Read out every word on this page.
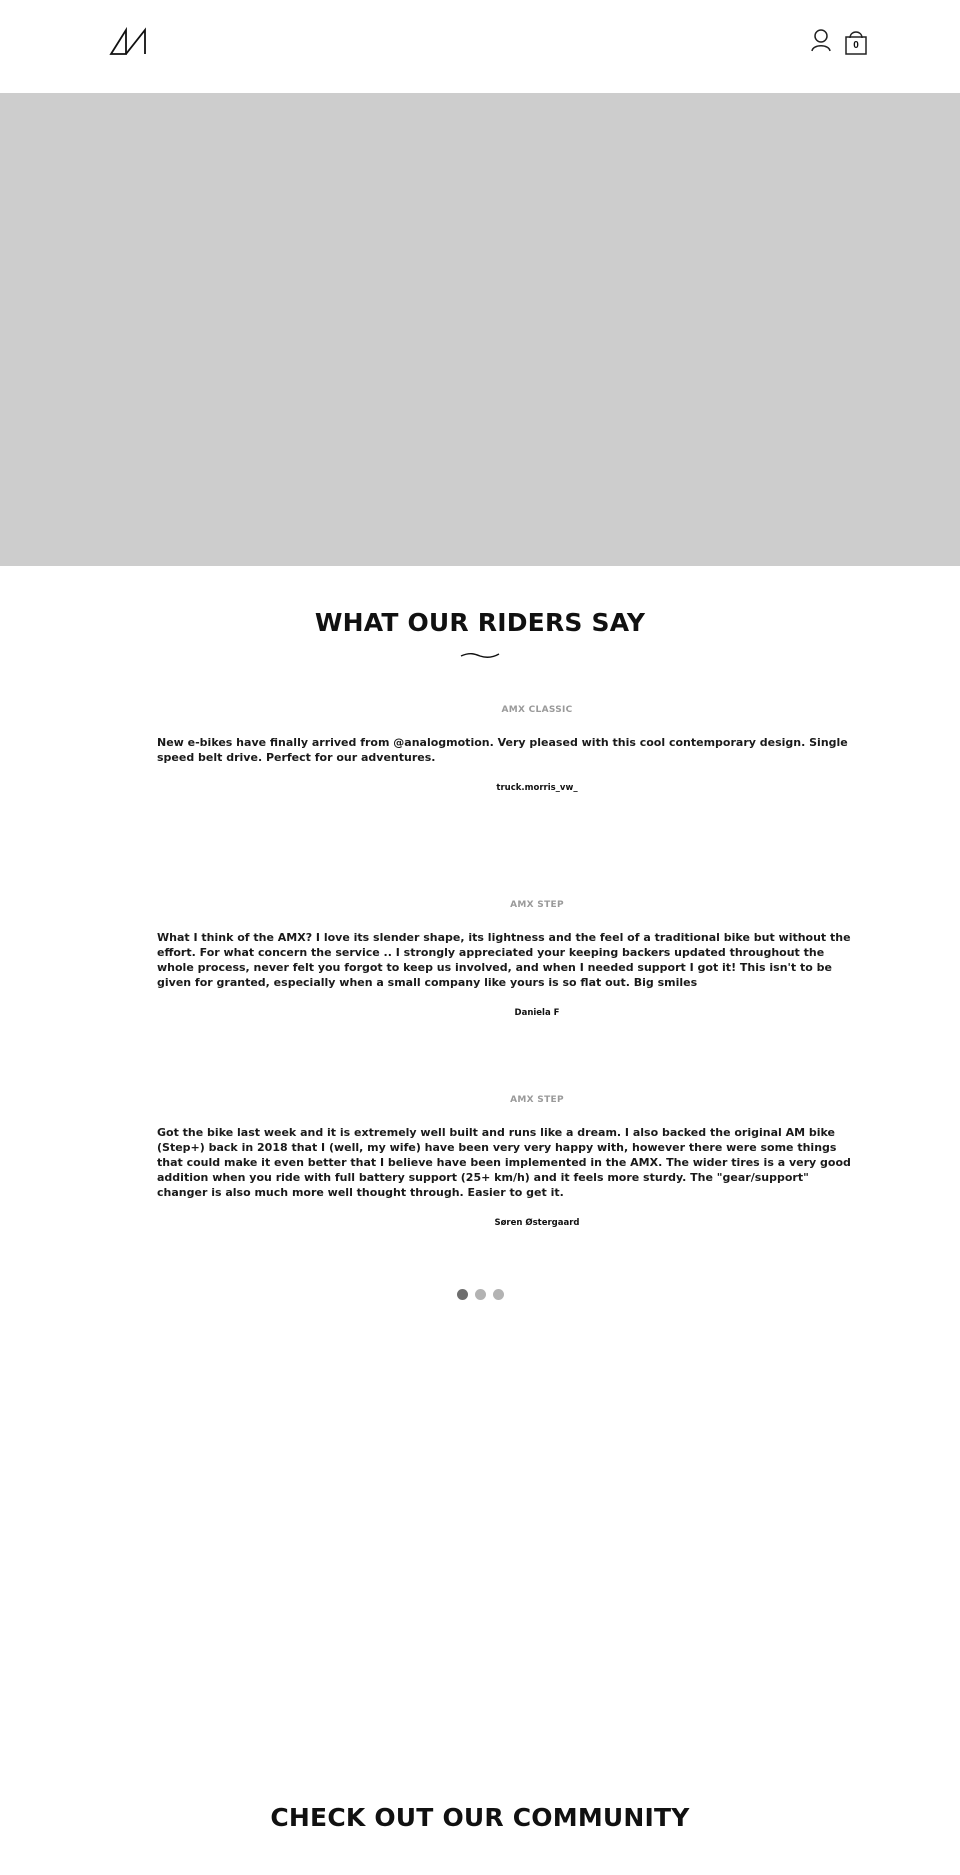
0
WHAT OUR RIDERS SAY
AMX CLASSIC

New e-bikes have finally arrived from @analogmotion. Very pleased with this cool contemporary design. Single speed belt drive. Perfect for our adventures.

truck.morris_vw_
AMX STEP

What I think of the AMX? I love its slender shape, its lightness and the feel of a traditional bike but without the effort. For what concern the service .. I strongly appreciated your keeping backers updated throughout the whole process, never felt you forgot to keep us involved, and when I needed support I got it! This isn't to be given for granted, especially when a small company like yours is so flat out. Big smiles

Daniela F
AMX STEP

Got the bike last week and it is extremely well built and runs like a dream. I also backed the original AM bike (Step+) back in 2018 that I (well, my wife) have been very very happy with, however there were some things that could make it even better that I believe have been implemented in the AMX. The wider tires is a very good addition when you ride with full battery support (25+ km/h) and it feels more sturdy. The "gear/support" changer is also much more well thought through. Easier to get it.

Søren Østergaard
CHECK OUT OUR COMMUNITY
